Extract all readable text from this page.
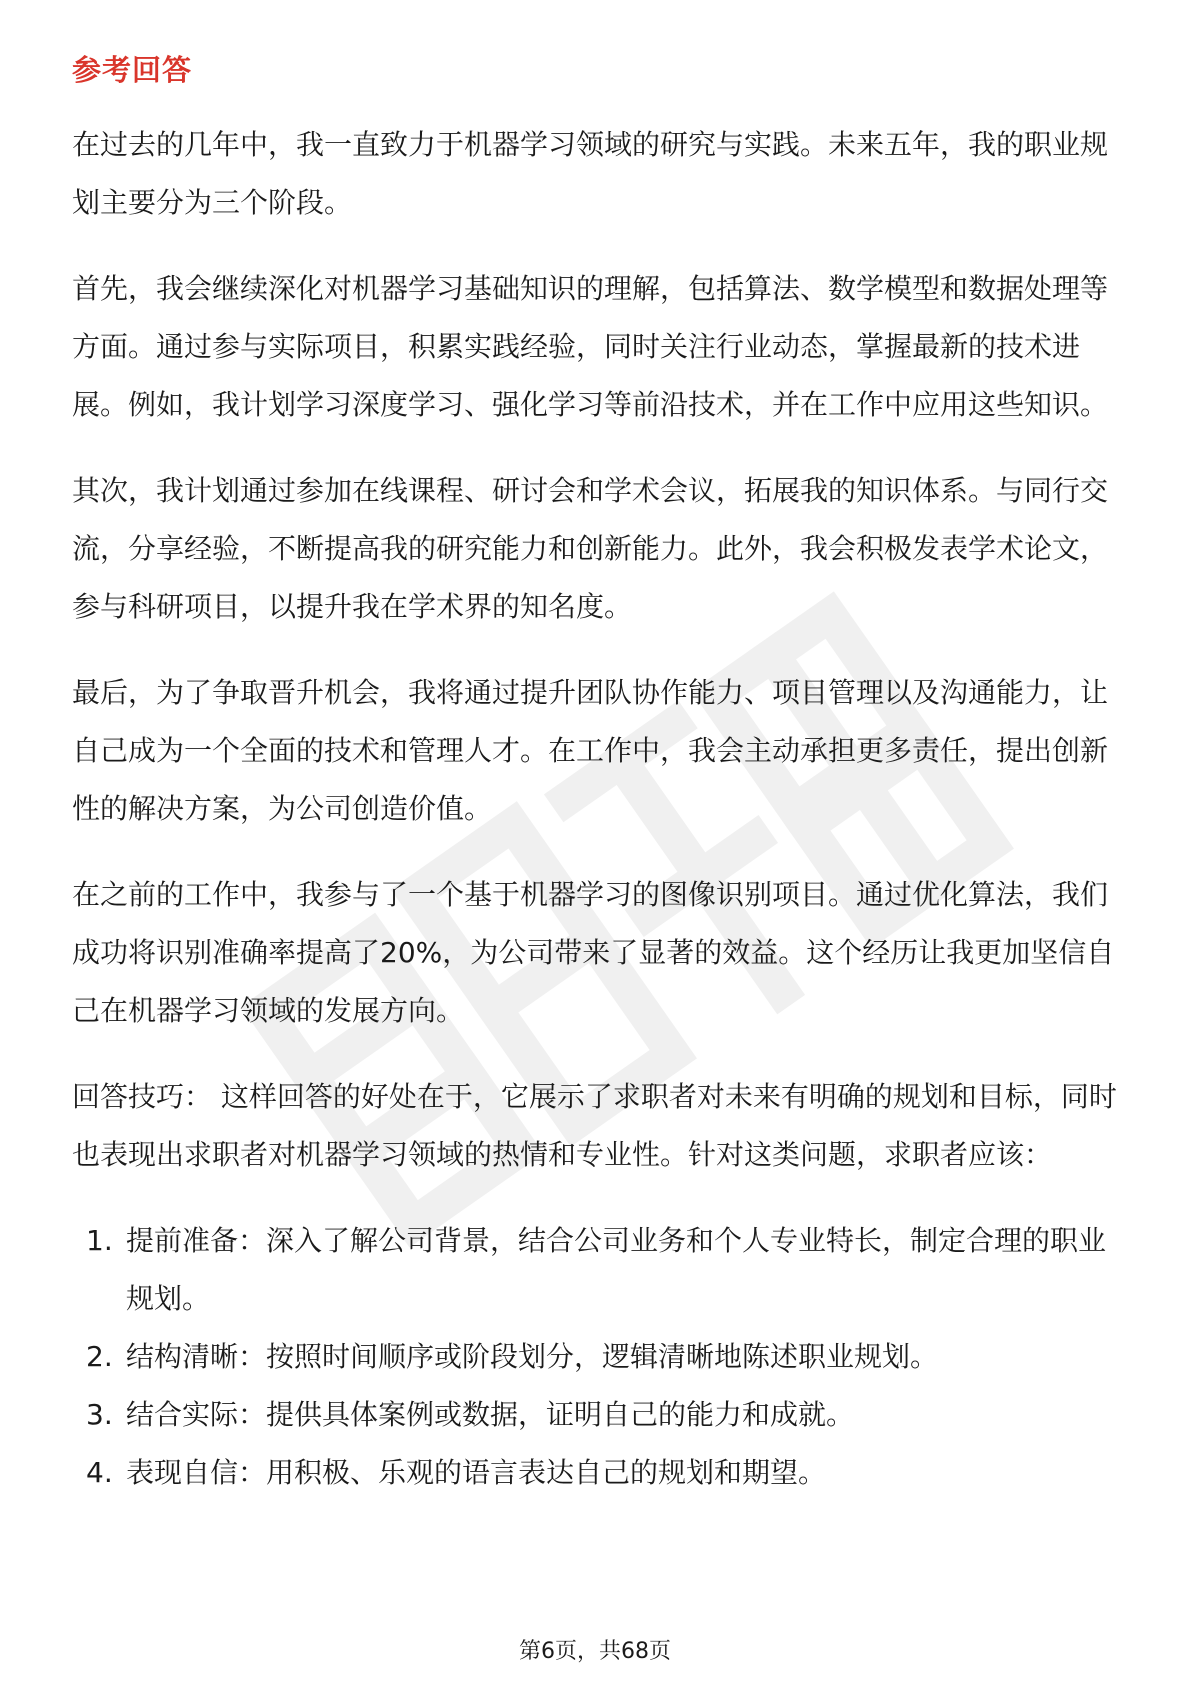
参考回答

在过去的几年中，我一直致力于机器学习领域的研究与实践。未来五年，我的职业规划主要分为三个阶段。

首先，我会继续深化对机器学习基础知识的理解，包括算法、数学模型和数据处理等方面。通过参与实际项目，积累实践经验，同时关注行业动态，掌握最新的技术进展。例如，我计划学习深度学习、强化学习等前沿技术，并在工作中应用这些知识。

其次，我计划通过参加在线课程、研讨会和学术会议，拓展我的知识体系。与同行交流，分享经验，不断提高我的研究能力和创新能力。此外，我会积极发表学术论文，参与科研项目，以提升我在学术界的知名度。

最后，为了争取晋升机会，我将通过提升团队协作能力、项目管理以及沟通能力，让自己成为一个全面的技术和管理人才。在工作中，我会主动承担更多责任，提出创新性的解决方案，为公司创造价值。

在之前的工作中，我参与了一个基于机器学习的图像识别项目。通过优化算法，我们成功将识别准确率提高了20%，为公司带来了显著的效益。这个经历让我更加坚信自己在机器学习领域的发展方向。

回答技巧： 这样回答的好处在于，它展示了求职者对未来有明确的规划和目标，同时也表现出求职者对机器学习领域的热情和专业性。针对这类问题，求职者应该：

1. 提前准备：深入了解公司背景，结合公司业务和个人专业特长，制定合理的职业规划。
2. 结构清晰：按照时间顺序或阶段划分，逻辑清晰地陈述职业规划。
3. 结合实际：提供具体案例或数据，证明自己的能力和成就。
4. 表现自信：用积极、乐观的语言表达自己的规划和期望。
第6页，共68页
